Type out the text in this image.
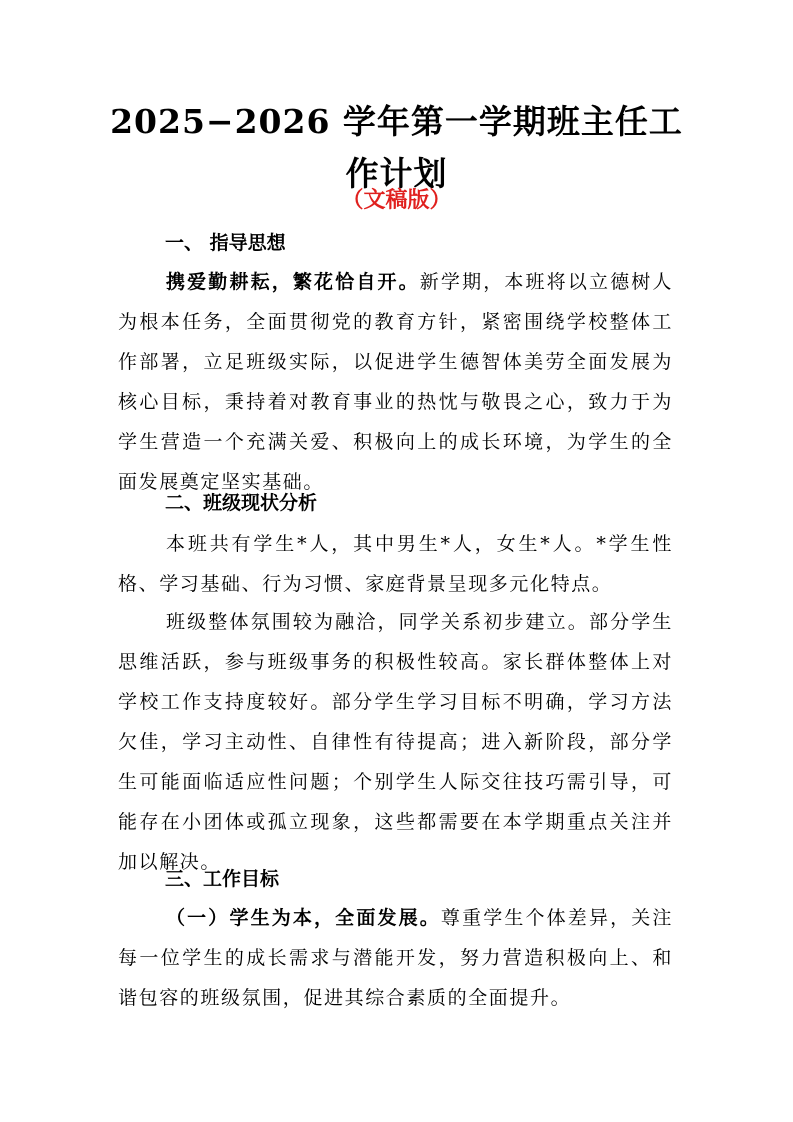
2025−2026 学年第一学期班主任工作计划
（文稿版）
一、 指导思想
携爱勤耕耘，繁花恰自开。新学期，本班将以立德树人为根本任务，全面贯彻党的教育方针，紧密围绕学校整体工作部署，立足班级实际，以促进学生德智体美劳全面发展为核心目标，秉持着对教育事业的热忱与敬畏之心，致力于为学生营造一个充满关爱、积极向上的成长环境，为学生的全面发展奠定坚实基础。
二、班级现状分析
本班共有学生*人，其中男生*人，女生*人。*学生性格、学习基础、行为习惯、家庭背景呈现多元化特点。
班级整体氛围较为融洽，同学关系初步建立。部分学生思维活跃，参与班级事务的积极性较高。家长群体整体上对学校工作支持度较好。部分学生学习目标不明确，学习方法欠佳，学习主动性、自律性有待提高；进入新阶段，部分学生可能面临适应性问题；个别学生人际交往技巧需引导，可能存在小团体或孤立现象，这些都需要在本学期重点关注并加以解决。
三、工作目标
（一）学生为本，全面发展。尊重学生个体差异，关注每一位学生的成长需求与潜能开发，努力营造积极向上、和谐包容的班级氛围，促进其综合素质的全面提升。
